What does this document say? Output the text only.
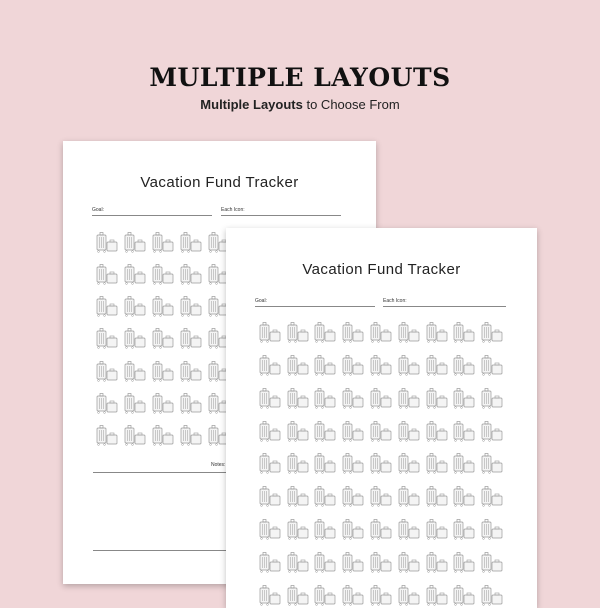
MULTIPLE LAYOUTS
Multiple Layouts to Choose From
Vacation Fund Tracker
Goal:	Each Icon:
Notes:
Vacation Fund Tracker
Goal:	Each Icon:
